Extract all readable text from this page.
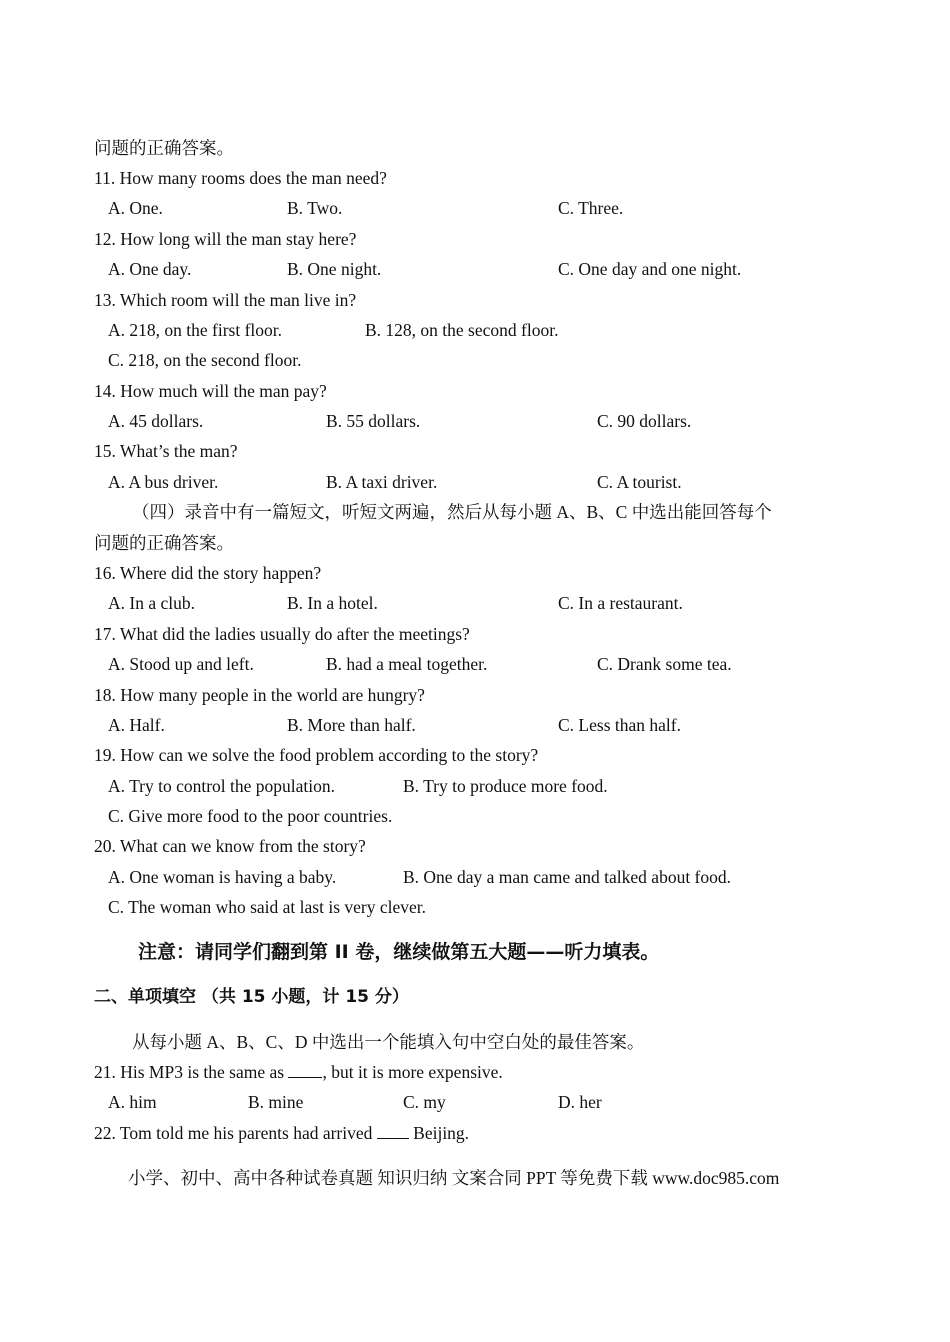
问题的正确答案。
11. How many rooms does the man need?
A. One.	B. Two.	C. Three.
12. How long will the man stay here?
A. One day.	B. One night.	C. One day and one night.
13. Which room will the man live in?
A. 218, on the first floor.	B. 128, on the second floor.
C. 218, on the second floor.
14. How much will the man pay?
A. 45 dollars.	B. 55 dollars.	C. 90 dollars.
15. What’s the man?
A. A bus driver.	B. A taxi driver.	C. A tourist.
（四）录音中有一篇短文，听短文两遍，然后从每小题 A、B、C 中选出能回答每个
问题的正确答案。
16. Where did the story happen?
A. In a club.	B. In a hotel.	C. In a restaurant.
17. What did the ladies usually do after the meetings?
A. Stood up and left.	B. had a meal together.	C. Drank some tea.
18. How many people in the world are hungry?
A. Half.	B. More than half.	C. Less than half.
19. How can we solve the food problem according to the story?
A. Try to control the population.	B. Try to produce more food.
C. Give more food to the poor countries.
20. What can we know from the story?
A. One woman is having a baby.	B. One day a man came and talked about food.
C. The woman who said at last is very clever.
注意：请同学们翻到第 II 卷，继续做第五大题——听力填表。
二、单项填空 （共 15 小题，计 15 分）
从每小题 A、B、C、D 中选出一个能填入句中空白处的最佳答案。
21. His MP3 is the same as , but it is more expensive.
A. him	B. mine	C. my	D. her
22. Tom told me his parents had arrived  Beijing.
小学、初中、高中各种试卷真题 知识归纳 文案合同 PPT 等免费下载 www.doc985.com
